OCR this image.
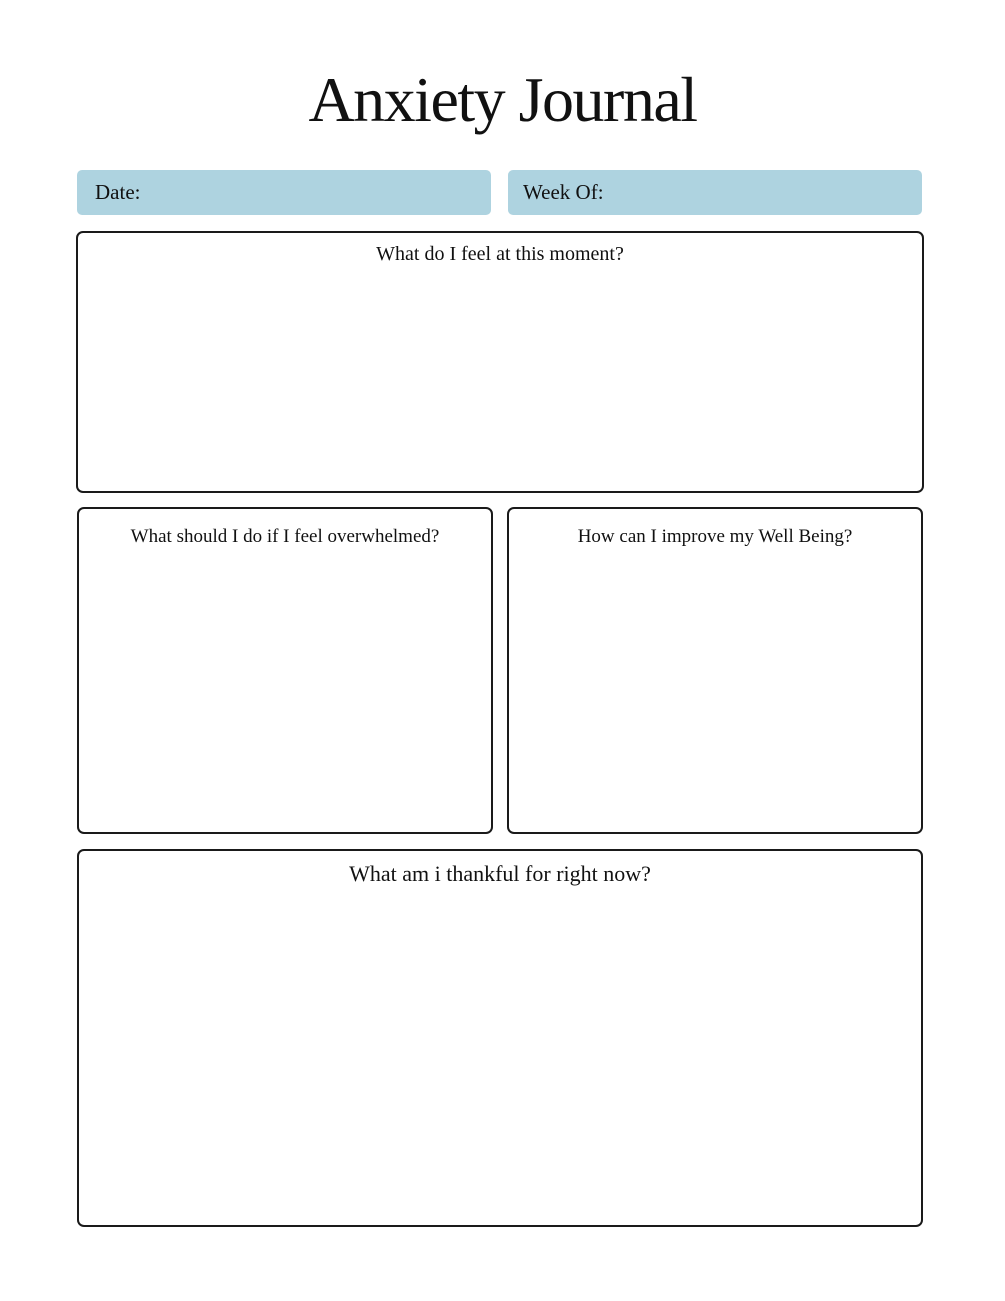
Anxiety Journal
Date:	Week Of:
What do I feel at this moment?
What should I do if I feel overwhelmed?	How can I improve my Well Being?
What am i thankful for right now?
